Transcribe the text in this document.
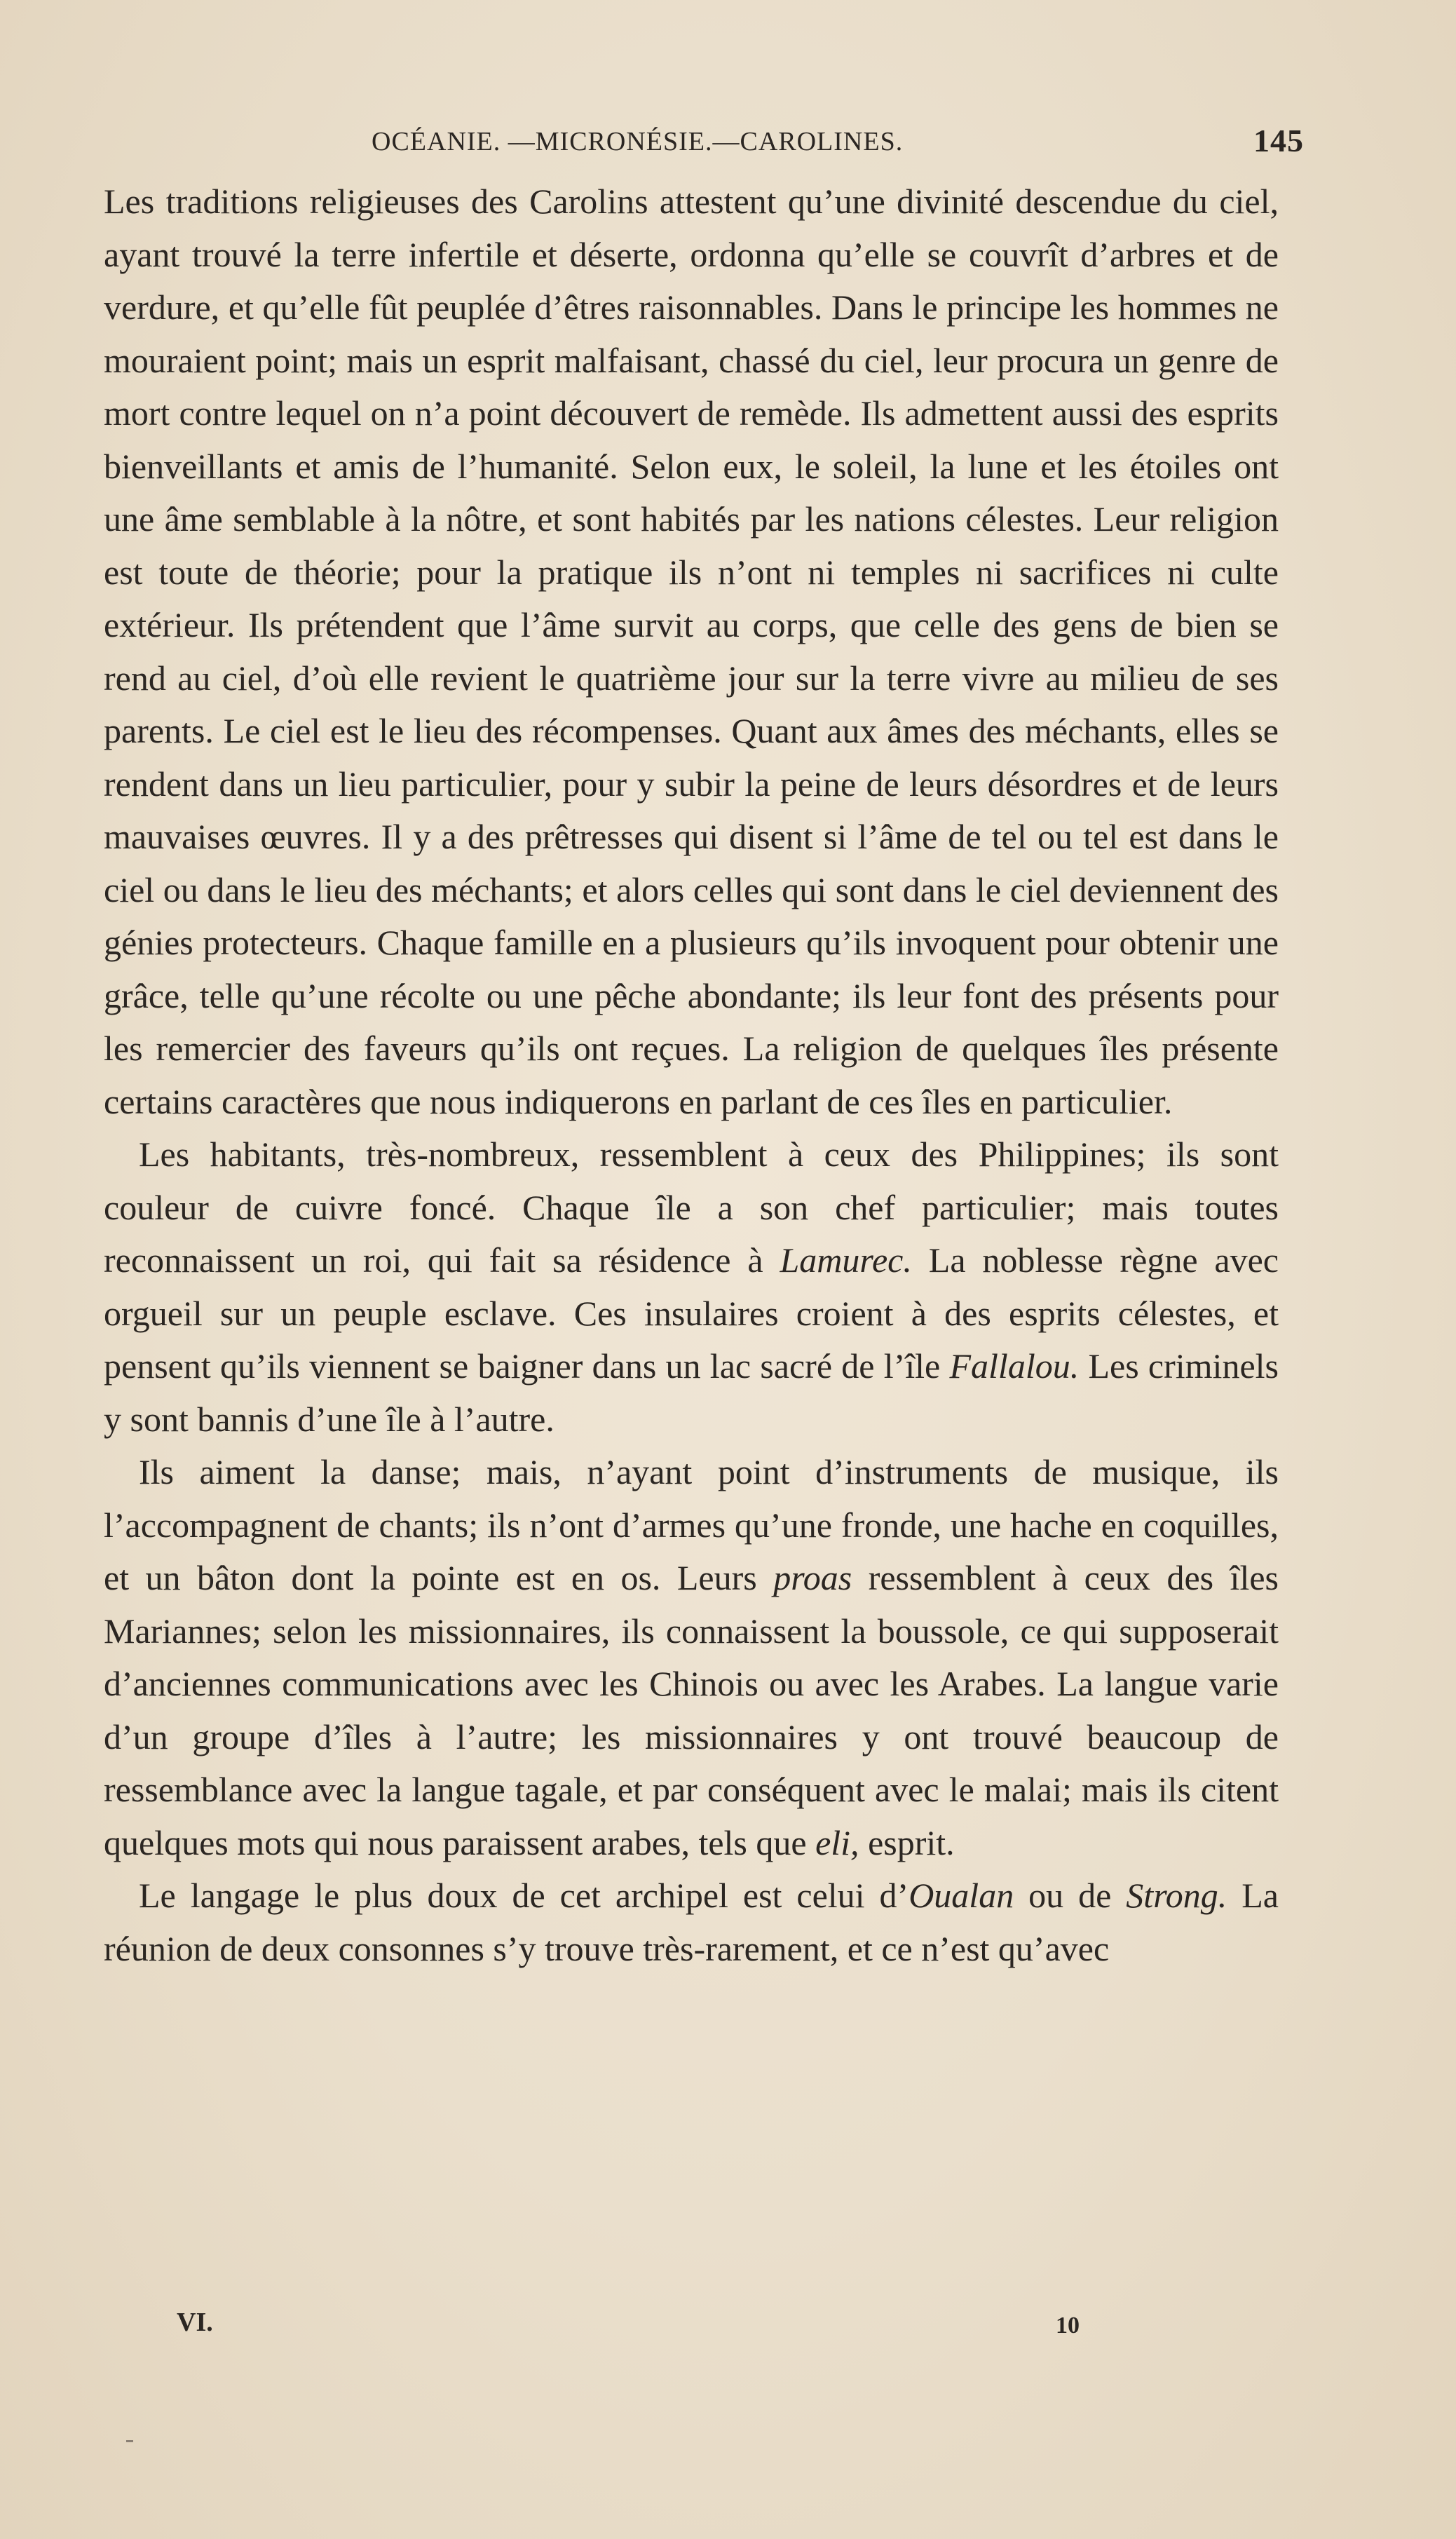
OCÉANIE. —MICRONÉSIE.—CAROLINES.	145

Les traditions religieuses des Carolins attestent qu’une divinité descendue du ciel, ayant trouvé la terre infertile et déserte, ordonna qu’elle se couvrît d’arbres et de verdure, et qu’elle fût peuplée d’êtres raisonnables. Dans le principe les hommes ne mouraient point; mais un esprit malfaisant, chassé du ciel, leur procura un genre de mort contre lequel on n’a point découvert de remède. Ils admettent aussi des esprits bienveillants et amis de l’humanité. Selon eux, le soleil, la lune et les étoiles ont une âme semblable à la nôtre, et sont habités par les nations célestes. Leur religion est toute de théorie; pour la pratique ils n’ont ni temples ni sacrifices ni culte extérieur. Ils prétendent que l’âme survit au corps, que celle des gens de bien se rend au ciel, d’où elle revient le quatrième jour sur la terre vivre au milieu de ses parents. Le ciel est le lieu des récompenses. Quant aux âmes des méchants, elles se rendent dans un lieu particulier, pour y subir la peine de leurs désordres et de leurs mauvaises œuvres. Il y a des prêtresses qui disent si l’âme de tel ou tel est dans le ciel ou dans le lieu des méchants; et alors celles qui sont dans le ciel deviennent des génies protecteurs. Chaque famille en a plusieurs qu’ils invoquent pour obtenir une grâce, telle qu’une récolte ou une pêche abondante; ils leur font des présents pour les remercier des faveurs qu’ils ont reçues. La religion de quelques îles présente certains caractères que nous indiquerons en parlant de ces îles en particulier.

Les habitants, très-nombreux, ressemblent à ceux des Philippines; ils sont couleur de cuivre foncé. Chaque île a son chef particulier; mais toutes reconnaissent un roi, qui fait sa résidence à Lamurec. La noblesse règne avec orgueil sur un peuple esclave. Ces insulaires croient à des esprits célestes, et pensent qu’ils viennent se baigner dans un lac sacré de l’île Fallalou. Les criminels y sont bannis d’une île à l’autre.

Ils aiment la danse; mais, n’ayant point d’instruments de musique, ils l’accompagnent de chants; ils n’ont d’armes qu’une fronde, une hache en coquilles, et un bâton dont la pointe est en os. Leurs proas ressemblent à ceux des îles Mariannes; selon les missionnaires, ils connaissent la boussole, ce qui supposerait d’anciennes communications avec les Chinois ou avec les Arabes. La langue varie d’un groupe d’îles à l’autre; les missionnaires y ont trouvé beaucoup de ressemblance avec la langue tagale, et par conséquent avec le malai; mais ils citent quelques mots qui nous paraissent arabes, tels que eli, esprit.

Le langage le plus doux de cet archipel est celui d’Oualan ou de Strong. La réunion de deux consonnes s’y trouve très-rarement, et ce n’est qu’avec

VI.	10
